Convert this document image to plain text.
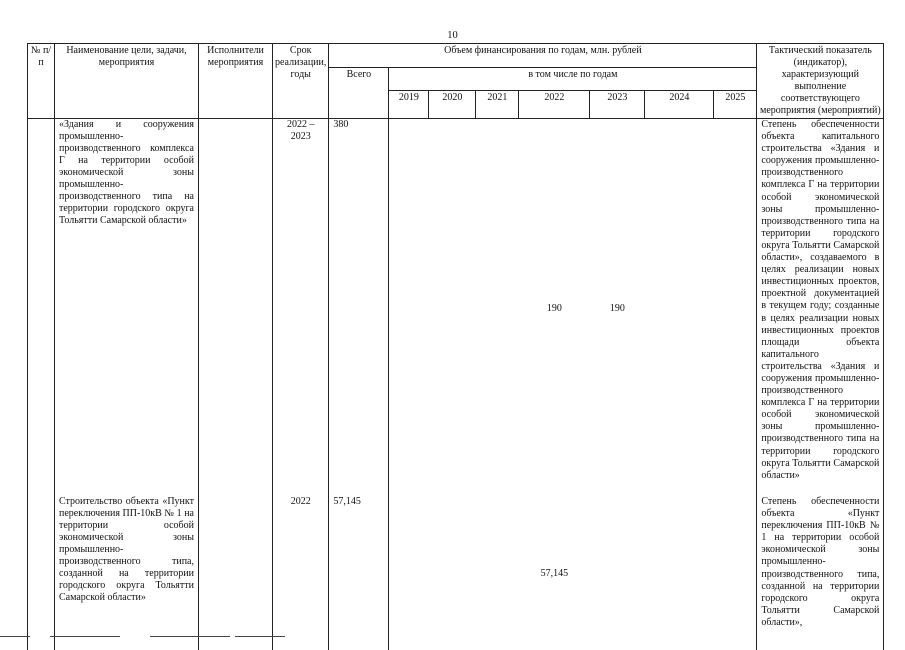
10
№ п/п	Наименование цели, задачи, мероприятия	Исполнители мероприятия	Срок реализации, годы	Объем финансирования по годам, млн. рублей								Тактический показатель (индикатор), характеризующий выполнение соответствующего мероприятия (мероприятий)
				Всего	в том числе по годам							
					2019	2020	2021	2022	2023	2024	2025	
	«Здания и сооружения промышленно-производственного комплекса Г на территории особой экономической зоны промышленно-производственного типа на территории городского округа Тольятти Самарской области»		2022 – 2023	380				190	190			Степень обеспеченности объекта капитального строительства «Здания и сооружения промышленно-производственного комплекса Г на территории особой экономической зоны промышленно-производственного типа на территории городского округа Тольятти Самарской области», создаваемого в целях реализации новых инвестиционных проектов, проектной документацией в текущем году; созданные в целях реализации новых инвестиционных проектов площади объекта капитального строительства «Здания и сооружения промышленно-производственного комплекса Г на территории особой экономической зоны промышленно-производственного типа на территории городского округа Тольятти Самарской области»
	Строительство объекта «Пункт переключения ПП-10кВ № 1 на территории особой экономической зоны промышленно-производственного типа, созданной на территории городского округа Тольятти Самарской области»		2022	57,145				57,145				Степень обеспеченности объекта «Пункт переключения ПП-10кВ № 1 на территории особой экономической зоны промышленно-производственного типа, созданной на территории городского округа Тольятти Самарской области»,
